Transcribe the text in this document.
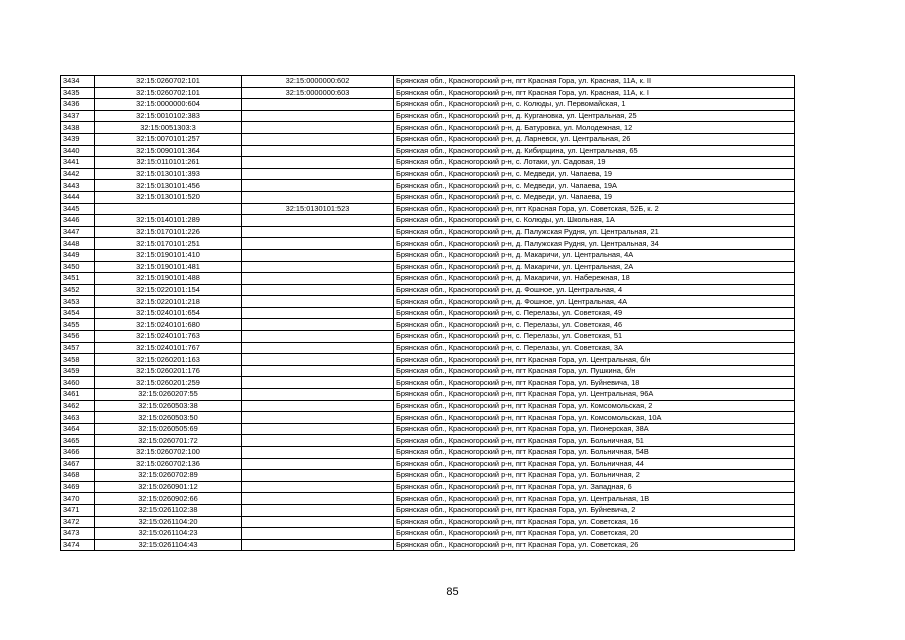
3434	32:15:0260702:101	32:15:0000000:602	Брянская обл., Красногорский р-н, пгт Красная Гора, ул. Красная, 11А, к. II
3435	32:15:0260702:101	32:15:0000000:603	Брянская обл., Красногорский р-н, пгт Красная Гора, ул. Красная, 11А, к. I
3436	32:15:0000000:604		Брянская обл., Красногорский р-н, с. Колюды, ул. Первомайская, 1
3437	32:15:0010102:383		Брянская обл., Красногорский р-н, д. Кургановка, ул. Центральная, 25
3438	32:15:0051303:3		Брянская обл., Красногорский р-н, д. Батуровка, ул. Молодежная, 12
3439	32:15:0070101:257		Брянская обл., Красногорский р-н, д. Ларневск, ул. Центральная, 26
3440	32:15:0090101:364		Брянская обл., Красногорский р-н, д. Кибирщина, ул. Центральная, 65
3441	32:15:0110101:261		Брянская обл., Красногорский р-н, с. Лотаки, ул. Садовая, 19
3442	32:15:0130101:393		Брянская обл., Красногорский р-н, с. Медведи, ул. Чапаева, 19
3443	32:15:0130101:456		Брянская обл., Красногорский р-н, с. Медведи, ул. Чапаева, 19А
3444	32:15:0130101:520		Брянская обл., Красногорский р-н, с. Медведи, ул. Чапаева, 19
3445		32:15:0130101:523	Брянская обл., Красногорский р-н, пгт Красная Гора, ул. Советская, 52Б, к. 2
3446	32:15:0140101:289		Брянская обл., Красногорский р-н, с. Колюды, ул. Школьная, 1А
3447	32:15:0170101:226		Брянская обл., Красногорский р-н, д. Палужская Рудня, ул. Центральная, 21
3448	32:15:0170101:251		Брянская обл., Красногорский р-н, д. Палужская Рудня, ул. Центральная, 34
3449	32:15:0190101:410		Брянская обл., Красногорский р-н, д. Макаричи, ул. Центральная, 4А
3450	32:15:0190101:481		Брянская обл., Красногорский р-н, д. Макаричи, ул. Центральная, 2А
3451	32:15:0190101:488		Брянская обл., Красногорский р-н, д. Макаричи, ул. Набережная, 18
3452	32:15:0220101:154		Брянская обл., Красногорский р-н, д. Фошнoе, ул. Центральная, 4
3453	32:15:0220101:218		Брянская обл., Красногорский р-н, д. Фошнoе, ул. Центральная, 4А
3454	32:15:0240101:654		Брянская обл., Красногорский р-н, с. Перелазы, ул. Советская, 49
3455	32:15:0240101:680		Брянская обл., Красногорский р-н, с. Перелазы, ул. Советская, 46
3456	32:15:0240101:763		Брянская обл., Красногорский р-н, с. Перелазы, ул. Советская, 51
3457	32:15:0240101:767		Брянская обл., Красногорский р-н, с. Перелазы, ул. Советская, 3А
3458	32:15:0260201:163		Брянская обл., Красногорский р-н, пгт Красная Гора, ул. Центральная, б/н
3459	32:15:0260201:176		Брянская обл., Красногорский р-н, пгт Красная Гора, ул. Пушкина, б/н
3460	32:15:0260201:259		Брянская обл., Красногорский р-н, пгт Красная Гора, ул. Буйневича, 18
3461	32:15:0260207:55		Брянская обл., Красногорский р-н, пгт Красная Гора, ул. Центральная, 96А
3462	32:15:0260503:38		Брянская обл., Красногорский р-н, пгт Красная Гора, ул. Комсомольская, 2
3463	32:15:0260503:50		Брянская обл., Красногорский р-н, пгт Красная Гора, ул. Комсомольская, 10А
3464	32:15:0260505:69		Брянская обл., Красногорский р-н, пгт Красная Гора, ул. Пионерская, 38А
3465	32:15:0260701:72		Брянская обл., Красногорский р-н, пгт Красная Гора, ул. Больничная, 51
3466	32:15:0260702:100		Брянская обл., Красногорский р-н, пгт Красная Гора, ул. Больничная, 54В
3467	32:15:0260702:136		Брянская обл., Красногорский р-н, пгт Красная Гора, ул. Больничная, 44
3468	32:15:0260702:89		Брянская обл., Красногорский р-н, пгт Красная Гора, ул. Больничная, 2
3469	32:15:0260901:12		Брянская обл., Красногорский р-н, пгт Красная Гора, ул. Западная, 6
3470	32:15:0260902:66		Брянская обл., Красногорский р-н, пгт Красная Гора, ул. Центральная, 1В
3471	32:15:0261102:38		Брянская обл., Красногорский р-н, пгт Красная Гора, ул. Буйневича, 2
3472	32:15:0261104:20		Брянская обл., Красногорский р-н, пгт Красная Гора, ул. Советская, 16
3473	32:15:0261104:23		Брянская обл., Красногорский р-н, пгт Красная Гора, ул. Советская, 20
3474	32:15:0261104:43		Брянская обл., Красногорский р-н, пгт Красная Гора, ул. Советская, 26
85
